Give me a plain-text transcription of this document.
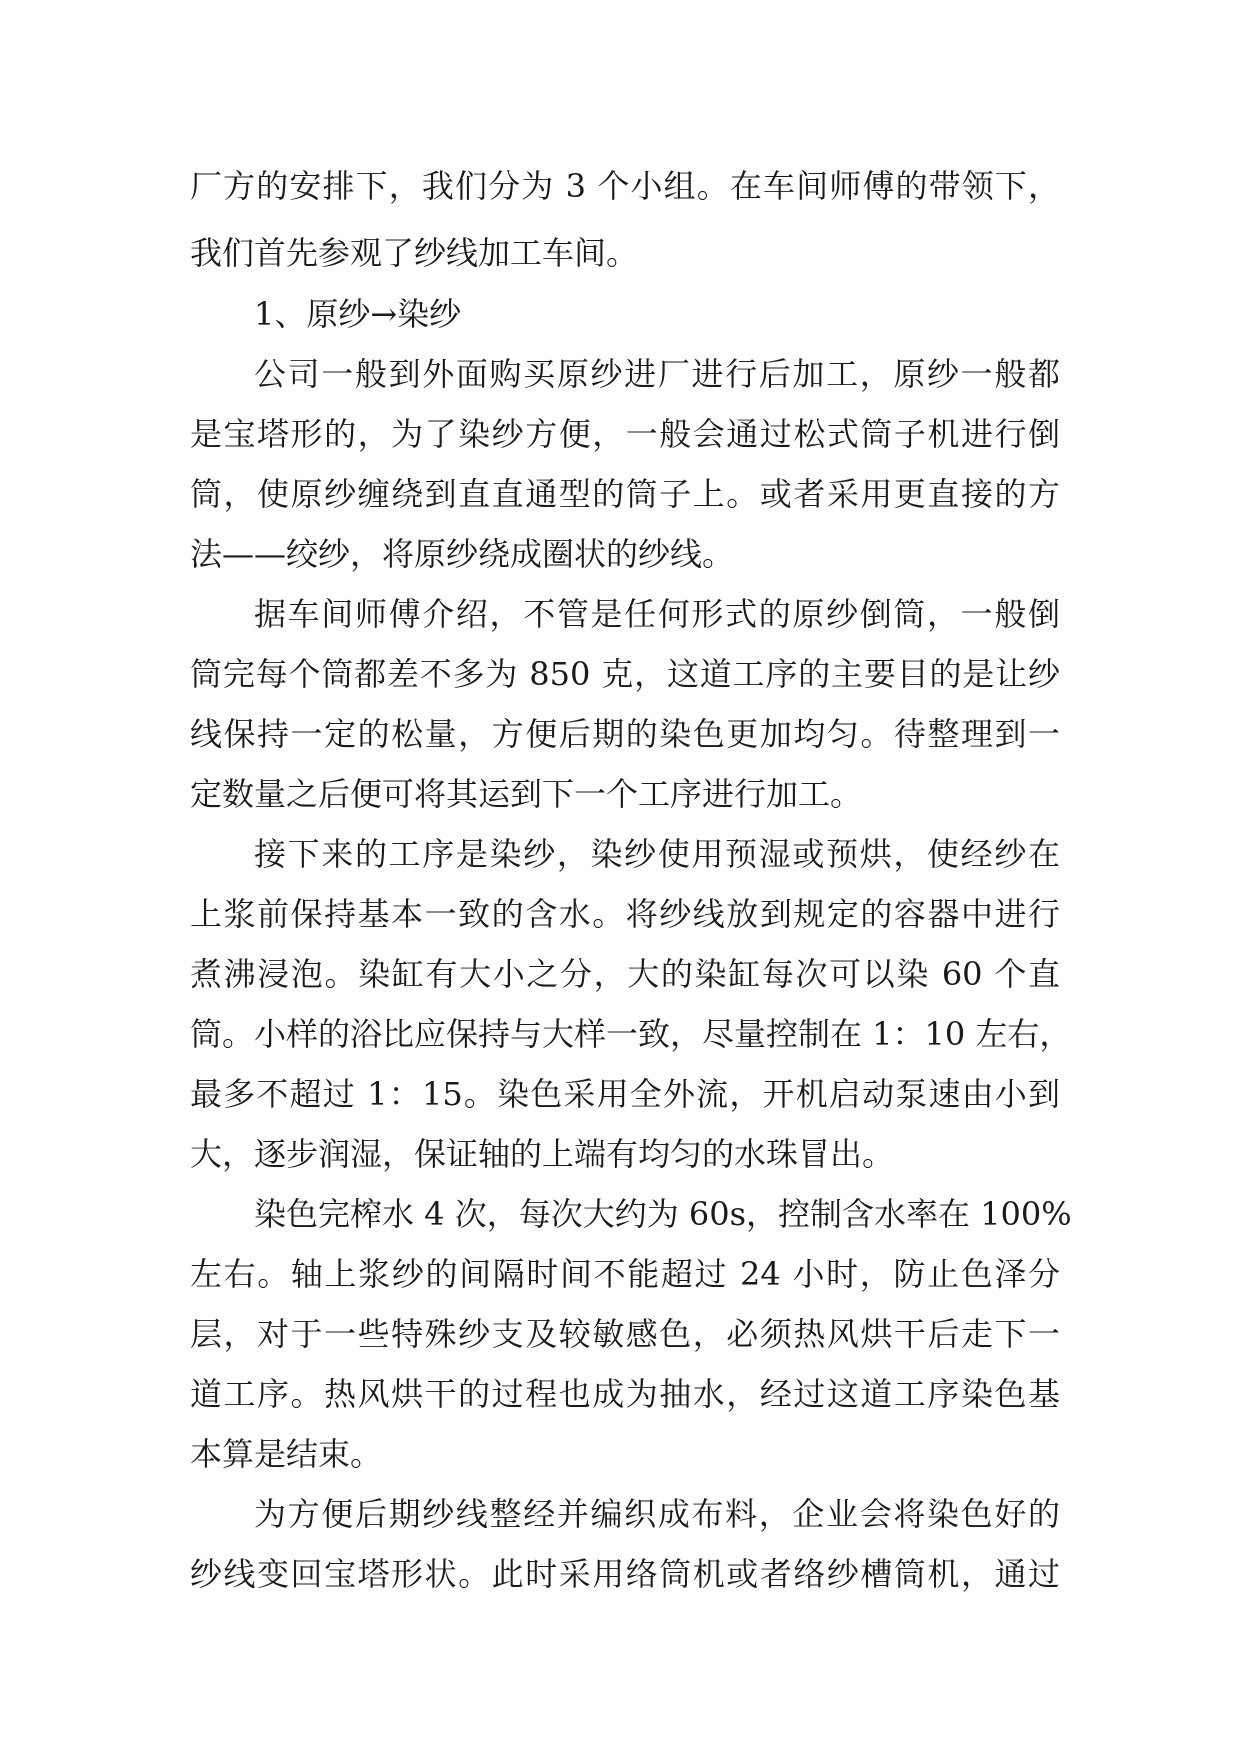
厂方的安排下，我们分为 3 个小组。在车间师傅的带领下，
我们首先参观了纱线加工车间。
1、原纱→染纱
公司一般到外面购买原纱进厂进行后加工，原纱一般都
是宝塔形的，为了染纱方便，一般会通过松式筒子机进行倒
筒，使原纱缠绕到直直通型的筒子上。或者采用更直接的方
法——绞纱，将原纱绕成圈状的纱线。
据车间师傅介绍，不管是任何形式的原纱倒筒，一般倒
筒完每个筒都差不多为 850 克，这道工序的主要目的是让纱
线保持一定的松量，方便后期的染色更加均匀。待整理到一
定数量之后便可将其运到下一个工序进行加工。
接下来的工序是染纱，染纱使用预湿或预烘，使经纱在
上浆前保持基本一致的含水。将纱线放到规定的容器中进行
煮沸浸泡。染缸有大小之分，大的染缸每次可以染 60 个直
筒。小样的浴比应保持与大样一致，尽量控制在 1：10 左右，
最多不超过 1：15。染色采用全外流，开机启动泵速由小到
大，逐步润湿，保证轴的上端有均匀的水珠冒出。
染色完榨水 4 次，每次大约为 60s，控制含水率在 100%
左右。轴上浆纱的间隔时间不能超过 24 小时，防止色泽分
层，对于一些特殊纱支及较敏感色，必须热风烘干后走下一
道工序。热风烘干的过程也成为抽水，经过这道工序染色基
本算是结束。
为方便后期纱线整经并编织成布料，企业会将染色好的
纱线变回宝塔形状。此时采用络筒机或者络纱槽筒机，通过
